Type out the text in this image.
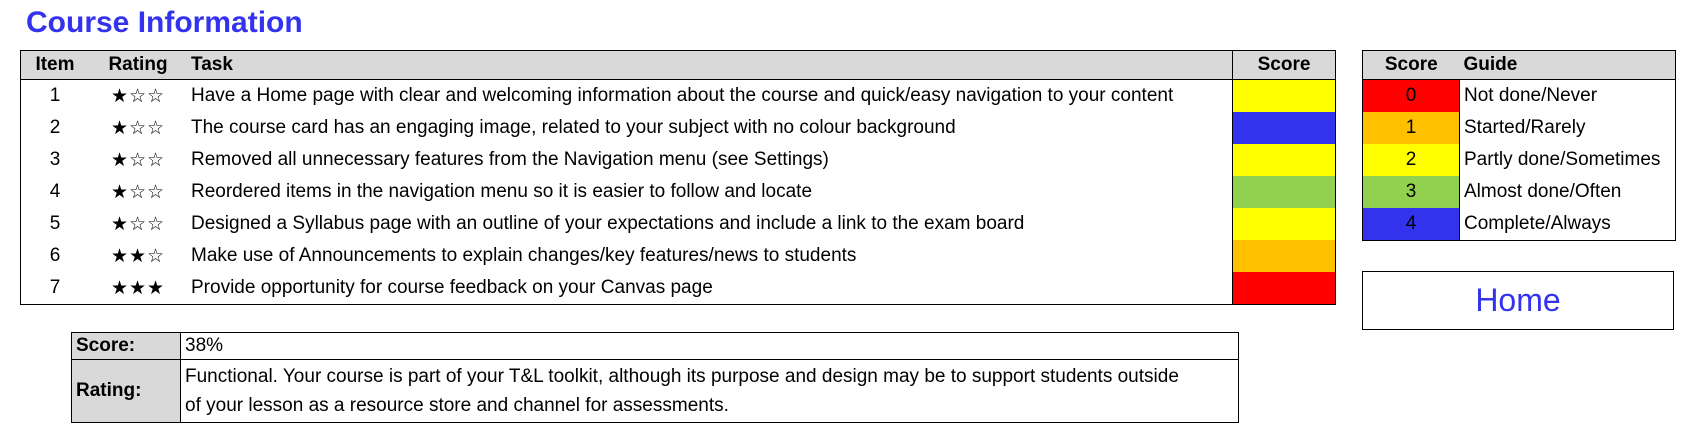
Course Information
Item	Rating	Task	Score
1	★☆☆	Have a Home page with clear and welcoming information about the course and quick/easy navigation to your content	
2	★☆☆	The course card has an engaging image, related to your subject with no colour background	
3	★☆☆	Removed all unnecessary features from the Navigation menu (see Settings)	
4	★☆☆	Reordered items in the navigation menu so it is easier to follow and locate	
5	★☆☆	Designed a Syllabus page with an outline of your expectations and include a link to the exam board	
6	★★☆	Make use of Announcements to explain changes/key features/news to students	
7	★★★	Provide opportunity for course feedback on your Canvas page	
Score	Guide
0	Not done/Never
1	Started/Rarely
2	Partly done/Sometimes
3	Almost done/Often
4	Complete/Always
Home
Score:	38%
Rating:	Functional. Your course is part of your T&L toolkit, although its purpose and design may be to support students outside
of your lesson as a resource store and channel for assessments.
